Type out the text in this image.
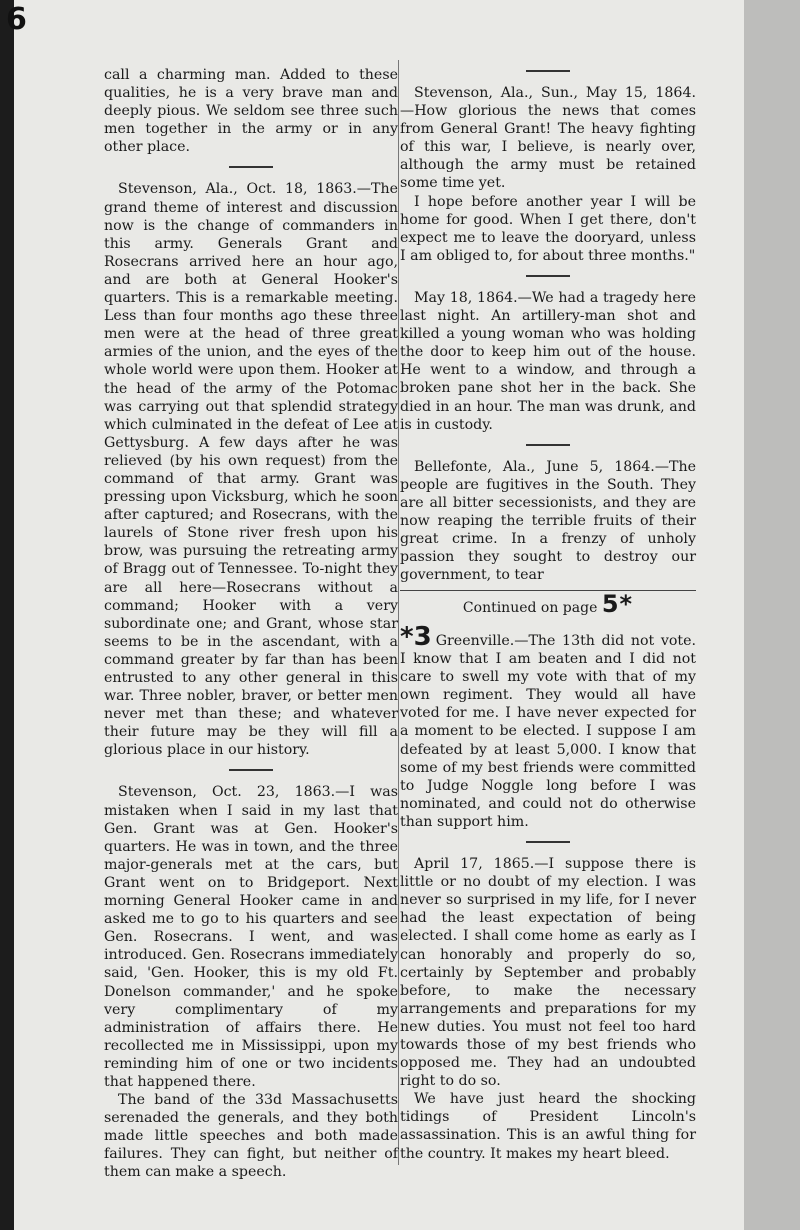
6

call a charming man. Added to these qualities, he is a very brave man and deeply pious. We seldom see three such men together in the army or in any other place.

Stevenson, Ala., Oct. 18, 1863.—The grand theme of interest and discussion now is the change of commanders in this army. Generals Grant and Rosecrans arrived here an hour ago, and are both at General Hooker's quarters. This is a remarkable meeting. Less than four months ago these three men were at the head of three great armies of the union, and the eyes of the whole world were upon them. Hooker at the head of the army of the Potomac was carrying out that splendid strategy which culminated in the defeat of Lee at Gettysburg. A few days after he was relieved (by his own request) from the command of that army. Grant was pressing upon Vicksburg, which he soon after captured; and Rosecrans, with the laurels of Stone river fresh upon his brow, was pursuing the retreating army of Bragg out of Tennessee. To-night they are all here—Rosecrans without a command; Hooker with a very subordinate one; and Grant, whose star seems to be in the ascendant, with a command greater by far than has been entrusted to any other general in this war. Three nobler, braver, or better men never met than these; and whatever their future may be they will fill a glorious place in our history.

Stevenson, Oct. 23, 1863.—I was mistaken when I said in my last that Gen. Grant was at Gen. Hooker's quarters. He was in town, and the three major-generals met at the cars, but Grant went on to Bridgeport. Next morning General Hooker came in and asked me to go to his quarters and see Gen. Rosecrans. I went, and was introduced. Gen. Rosecrans immediately said, 'Gen. Hooker, this is my old Ft. Donelson commander,' and he spoke very complimentary of my administration of affairs there. He recollected me in Mississippi, upon my reminding him of one or two incidents that happened there.

The band of the 33d Massachusetts serenaded the generals, and they both made little speeches and both made failures. They can fight, but neither of them can make a speech.

Stevenson, Ala., Sun., May 15, 1864. —How glorious the news that comes from General Grant! The heavy fighting of this war, I believe, is nearly over, although the army must be retained some time yet.

I hope before another year I will be home for good. When I get there, don't expect me to leave the dooryard, unless I am obliged to, for about three months."

May 18, 1864.—We had a tragedy here last night. An artillery-man shot and killed a young woman who was holding the door to keep him out of the house. He went to a window, and through a broken pane shot her in the back. She died in an hour. The man was drunk, and is in custody.

Bellefonte, Ala., June 5, 1864.—The people are fugitives in the South. They are all bitter secessionists, and they are now reaping the terrible fruits of their great crime. In a frenzy of unholy passion they sought to destroy our government, to tear

Continued on page 5*

*3 Greenville.—The 13th did not vote. I know that I am beaten and I did not care to swell my vote with that of my own regiment. They would all have voted for me. I have never expected for a moment to be elected. I suppose I am defeated by at least 5,000. I know that some of my best friends were committed to Judge Noggle long before I was nominated, and could not do otherwise than support him.

April 17, 1865.—I suppose there is little or no doubt of my election. I was never so surprised in my life, for I never had the least expectation of being elected. I shall come home as early as I can honorably and properly do so, certainly by September and probably before, to make the necessary arrangements and preparations for my new duties. You must not feel too hard towards those of my best friends who opposed me. They had an undoubted right to do so.

We have just heard the shocking tidings of President Lincoln's assassination. This is an awful thing for the country. It makes my heart bleed.
